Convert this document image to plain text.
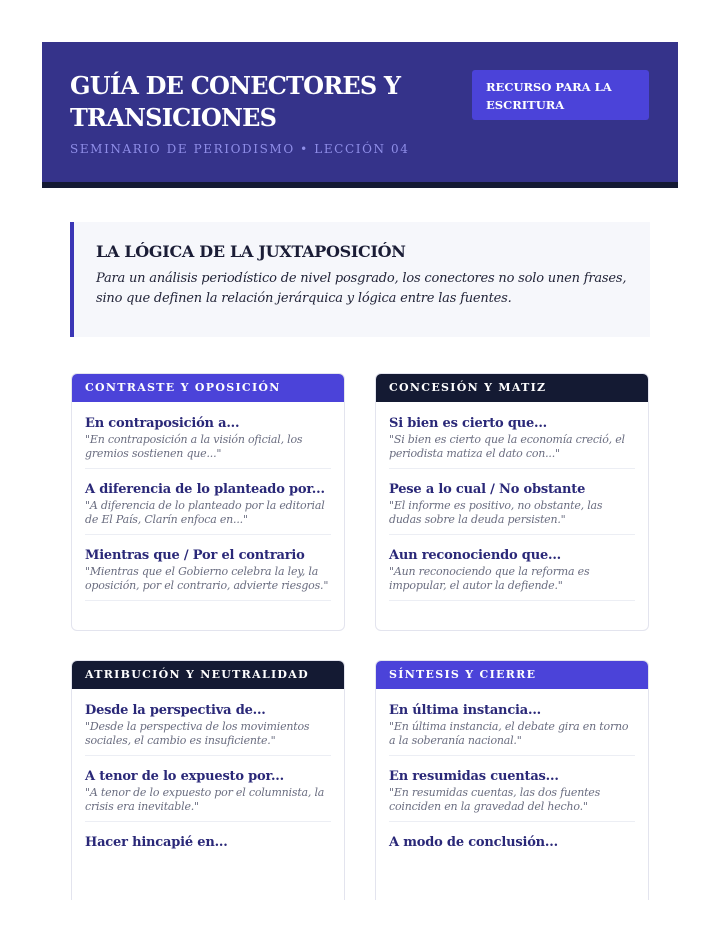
GUÍA DE CONECTORES Y TRANSICIONES
SEMINARIO DE PERIODISMO • LECCIÓN 04
RECURSO PARA LA ESCRITURA
LA LÓGICA DE LA JUXTAPOSICIÓN
Para un análisis periodístico de nivel posgrado, los conectores no solo unen frases, sino que definen la relación jerárquica y lógica entre las fuentes.
CONTRASTE Y OPOSICIÓN
En contraposición a...
"En contraposición a la visión oficial, los gremios sostienen que..."
A diferencia de lo planteado por...
"A diferencia de lo planteado por la editorial de El País, Clarín enfoca en..."
Mientras que / Por el contrario
"Mientras que el Gobierno celebra la ley, la oposición, por el contrario, advierte riesgos."
CONCESIÓN Y MATIZ
Si bien es cierto que...
"Si bien es cierto que la economía creció, el periodista matiza el dato con..."
Pese a lo cual / No obstante
"El informe es positivo, no obstante, las dudas sobre la deuda persisten."
Aun reconociendo que...
"Aun reconociendo que la reforma es impopular, el autor la defiende."
ATRIBUCIÓN Y NEUTRALIDAD
Desde la perspectiva de...
"Desde la perspectiva de los movimientos sociales, el cambio es insuficiente."
A tenor de lo expuesto por...
"A tenor de lo expuesto por el columnista, la crisis era inevitable."
Hacer hincapié en...
SÍNTESIS Y CIERRE
En última instancia...
"En última instancia, el debate gira en torno a la soberanía nacional."
En resumidas cuentas...
"En resumidas cuentas, las dos fuentes coinciden en la gravedad del hecho."
A modo de conclusión...
